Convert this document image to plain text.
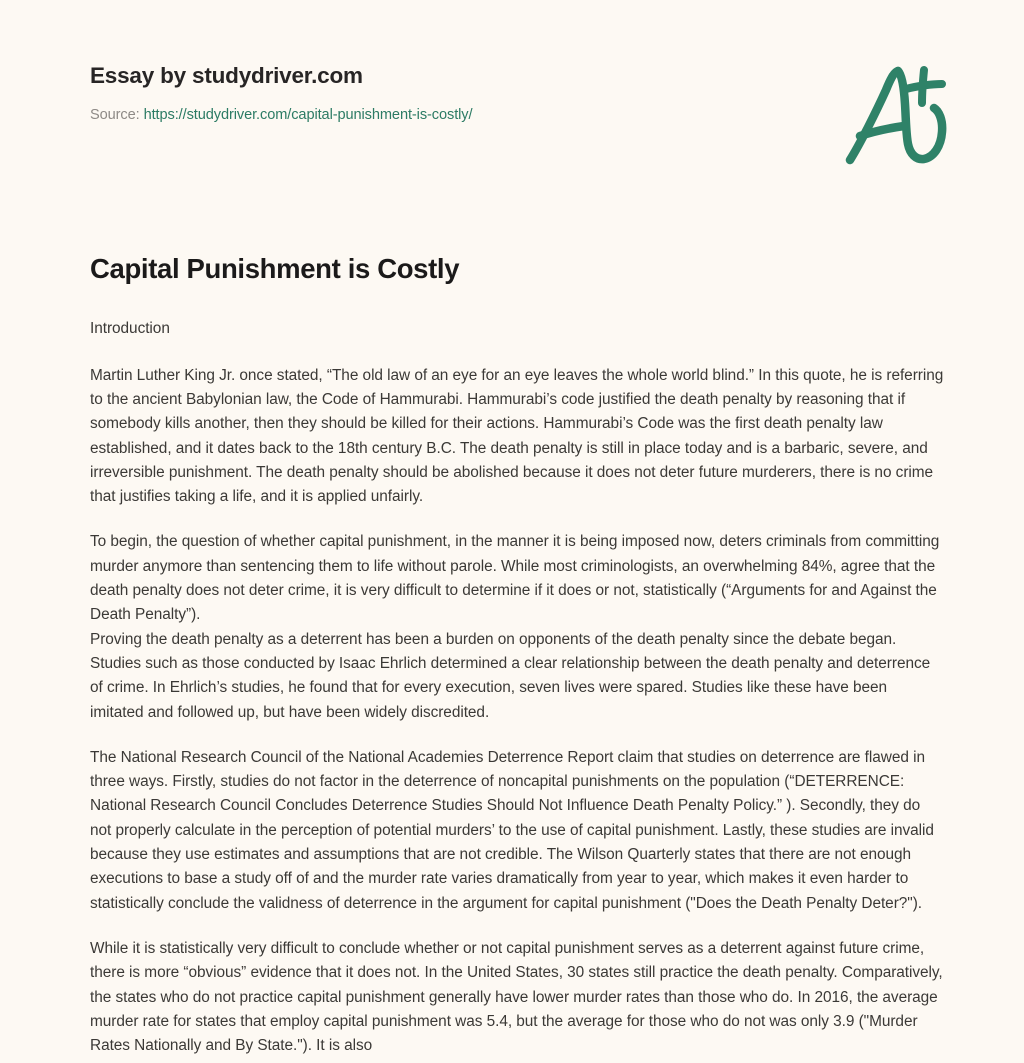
Essay by studydriver.com
Source: https://studydriver.com/capital-punishment-is-costly/
Capital Punishment is Costly

Introduction

Martin Luther King Jr. once stated, “The old law of an eye for an eye leaves the whole world blind.” In this quote, he is referring to the ancient Babylonian law, the Code of Hammurabi. Hammurabi’s code justified the death penalty by reasoning that if somebody kills another, then they should be killed for their actions. Hammurabi’s Code was the first death penalty law established, and it dates back to the 18th century B.C. The death penalty is still in place today and is a barbaric, severe, and irreversible punishment. The death penalty should be abolished because it does not deter future murderers, there is no crime that justifies taking a life, and it is applied unfairly.

To begin, the question of whether capital punishment, in the manner it is being imposed now, deters criminals from committing murder anymore than sentencing them to life without parole. While most criminologists, an overwhelming 84%, agree that the death penalty does not deter crime, it is very difficult to determine if it does or not, statistically (“Arguments for and Against the Death Penalty”).

Proving the death penalty as a deterrent has been a burden on opponents of the death penalty since the debate began. Studies such as those conducted by Isaac Ehrlich determined a clear relationship between the death penalty and deterrence of crime. In Ehrlich’s studies, he found that for every execution, seven lives were spared. Studies like these have been imitated and followed up, but have been widely discredited.

The National Research Council of the National Academies Deterrence Report claim that studies on deterrence are flawed in three ways. Firstly, studies do not factor in the deterrence of noncapital punishments on the population (“DETERRENCE: National Research Council Concludes Deterrence Studies Should Not Influence Death Penalty Policy.” ). Secondly, they do not properly calculate in the perception of potential murders’ to the use of capital punishment. Lastly, these studies are invalid because they use estimates and assumptions that are not credible. The Wilson Quarterly states that there are not enough executions to base a study off of and the murder rate varies dramatically from year to year, which makes it even harder to statistically conclude the validness of deterrence in the argument for capital punishment ("Does the Death Penalty Deter?").

While it is statistically very difficult to conclude whether or not capital punishment serves as a deterrent against future crime, there is more “obvious” evidence that it does not. In the United States, 30 states still practice the death penalty. Comparatively, the states who do not practice capital punishment generally have lower murder rates than those who do. In 2016, the average murder rate for states that employ capital punishment was 5.4, but the average for those who do not was only 3.9 ("Murder Rates Nationally and By State."). It is also
